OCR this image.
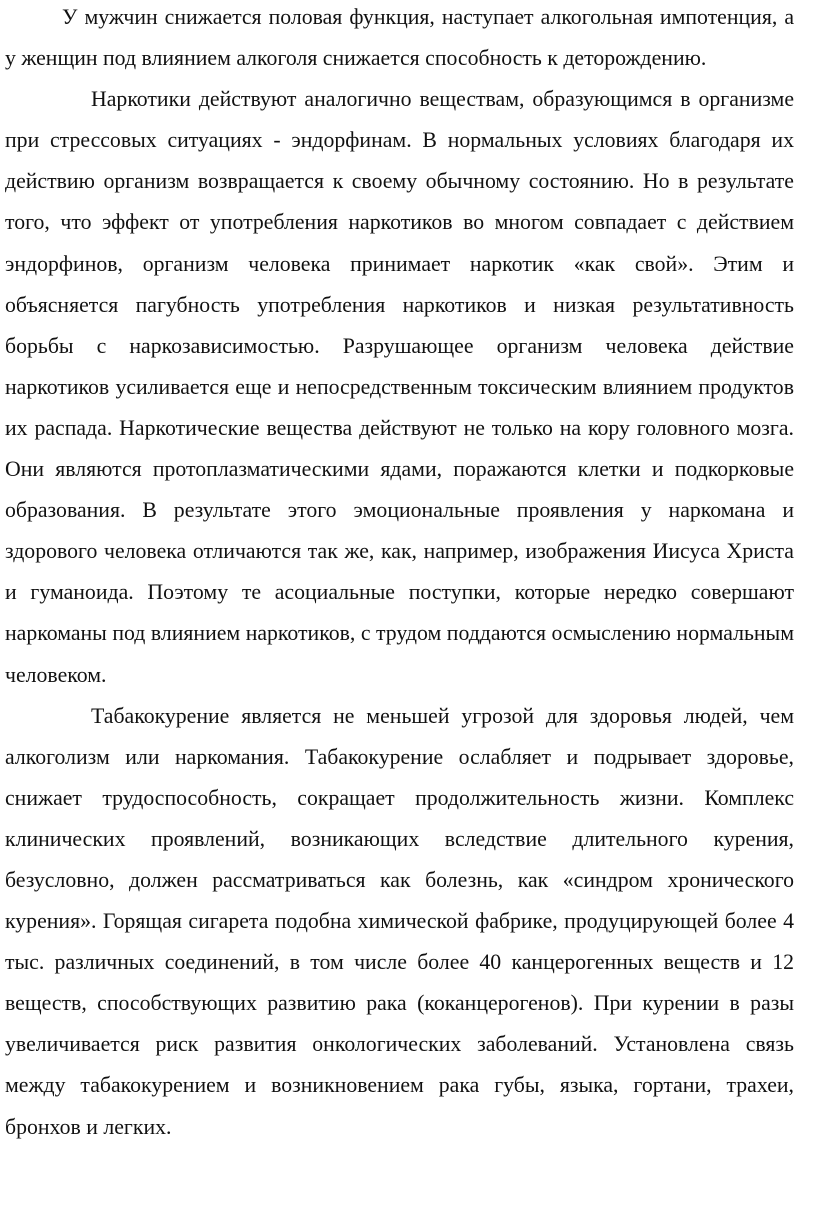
У мужчин снижается половая функция, наступает алкогольная импотенция, а у женщин под влиянием алкоголя снижается способность к деторождению.

Наркотики действуют аналогично веществам, образующимся в организме при стрессовых ситуациях - эндорфинам. В нормальных условиях благодаря их действию организм возвращается к своему обычному состоянию. Но в результате того, что эффект от употребления наркотиков во многом совпадает с действием эндорфинов, организм человека принимает наркотик «как свой». Этим и объясняется пагубность употребления наркотиков и низкая результативность борьбы с наркозависимостью. Разрушающее организм человека действие наркотиков усиливается еще и непосредственным токсическим влиянием продуктов их распада. Наркотические вещества действуют не только на кору головного мозга. Они являются протоплазматическими ядами, поражаются клетки и подкорковые образования. В результате этого эмоциональные проявления у наркомана и здорового человека отличаются так же, как, например, изображения Иисуса Христа и гуманоида. Поэтому те асоциальные поступки, которые нередко совершают наркоманы под влиянием наркотиков, с трудом поддаются осмыслению нормальным человеком.

Табакокурение является не меньшей угрозой для здоровья людей, чем алкоголизм или наркомания. Табакокурение ослабляет и подрывает здоровье, снижает трудоспособность, сокращает продолжительность жизни. Комплекс клинических проявлений, возникающих вследствие длительного курения, безусловно, должен рассматриваться как болезнь, как «синдром хронического курения». Горящая сигарета подобна химической фабрике, продуцирующей более 4 тыс. различных соединений, в том числе более 40 канцерогенных веществ и 12 веществ, способствующих развитию рака (коканцерогенов). При курении в разы увеличивается риск развития онкологических заболеваний. Установлена связь между табакокурением и возникновением рака губы, языка, гортани, трахеи, бронхов и легких.
